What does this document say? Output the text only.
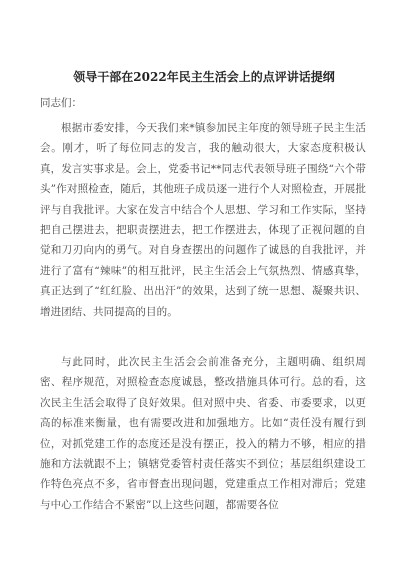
领导干部在2022年民主生活会上的点评讲话提纲
同志们：

根据市委安排，今天我们来*镇参加民主年度的领导班子民主生活会。刚才，听了每位同志的发言，我的触动很大，大家态度积极认真，发言实事求是。会上，党委书记**同志代表领导班子围绕“六个带头”作对照检查，随后，其他班子成员逐一进行个人对照检查，开展批评与自我批评。大家在发言中结合个人思想、学习和工作实际，坚持把自己摆进去，把职责摆进去，把工作摆进去，体现了正视问题的自觉和刀刃向内的勇气。对自身查摆出的问题作了诚恳的自我批评，并进行了富有“辣味”的相互批评，民主生活会上气氛热烈、情感真挚，真正达到了“红红脸、出出汗”的效果，达到了统一思想、凝聚共识、增进团结、共同提高的目的。

与此同时，此次民主生活会会前准备充分，主题明确、组织周密、程序规范，对照检查态度诚恳，整改措施具体可行。总的看，这次民主生活会取得了良好效果。但对照中央、省委、市委要求，以更高的标准来衡量，也有需要改进和加强地方。比如“责任没有履行到位，对抓党建工作的态度还是没有摆正，投入的精力不够，相应的措施和方法就跟不上；镇辖党委管村责任落实不到位；基层组织建设工作特色亮点不多，省市督查出现问题，党建重点工作相对滞后；党建与中心工作结合不紧密”以上这些问题，都需要各位
